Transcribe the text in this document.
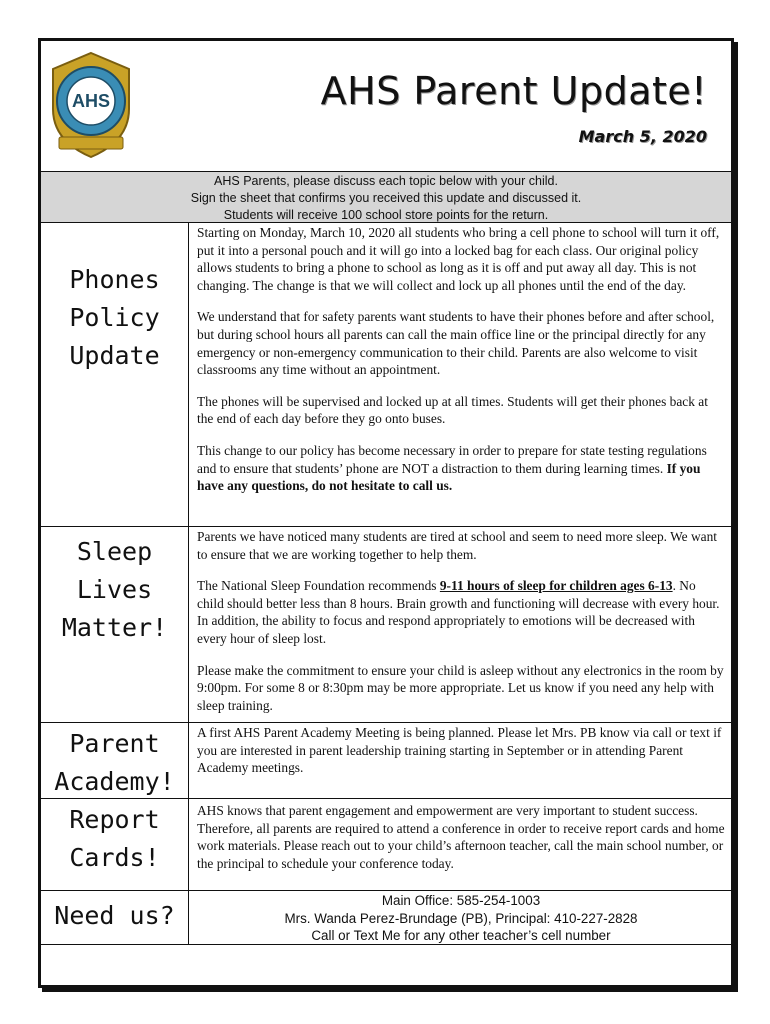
AHS	AHS Parent Update!
March 5, 2020
AHS Parents, please discuss each topic below with your child.
Sign the sheet that confirms you received this update and discussed it.
Students will receive 100 school store points for the return.
Phones Policy Update

Starting on Monday, March 10, 2020 all students who bring a cell phone to school will turn it off, put it into a personal pouch and it will go into a locked bag for each class. Our original policy allows students to bring a phone to school as long as it is off and put away all day. This is not changing. The change is that we will collect and lock up all phones until the end of the day.

We understand that for safety parents want students to have their phones before and after school, but during school hours all parents can call the main office line or the principal directly for any emergency or non-emergency communication to their child. Parents are also welcome to visit classrooms any time without an appointment.

The phones will be supervised and locked up at all times. Students will get their phones back at the end of each day before they go onto buses.

This change to our policy has become necessary in order to prepare for state testing regulations and to ensure that students’ phone are NOT a distraction to them during learning times. If you have any questions, do not hesitate to call us.

Sleep Lives Matter!

Parents we have noticed many students are tired at school and seem to need more sleep. We want to ensure that we are working together to help them.

The National Sleep Foundation recommends 9-11 hours of sleep for children ages 6-13. No child should better less than 8 hours. Brain growth and functioning will decrease with every hour. In addition, the ability to focus and respond appropriately to emotions will be decreased with every hour of sleep lost.

Please make the commitment to ensure your child is asleep without any electronics in the room by 9:00pm. For some 8 or 8:30pm may be more appropriate. Let us know if you need any help with sleep training.

Parent Academy!

A first AHS Parent Academy Meeting is being planned. Please let Mrs. PB know via call or text if you are interested in parent leadership training starting in September or in attending Parent Academy meetings.

Report Cards!

AHS knows that parent engagement and empowerment are very important to student success. Therefore, all parents are required to attend a conference in order to receive report cards and home work materials. Please reach out to your child’s afternoon teacher, call the main school number, or the principal to schedule your conference today.

Need us?
Main Office: 585-254-1003
Mrs. Wanda Perez-Brundage (PB), Principal: 410-227-2828
Call or Text Me for any other teacher’s cell number
